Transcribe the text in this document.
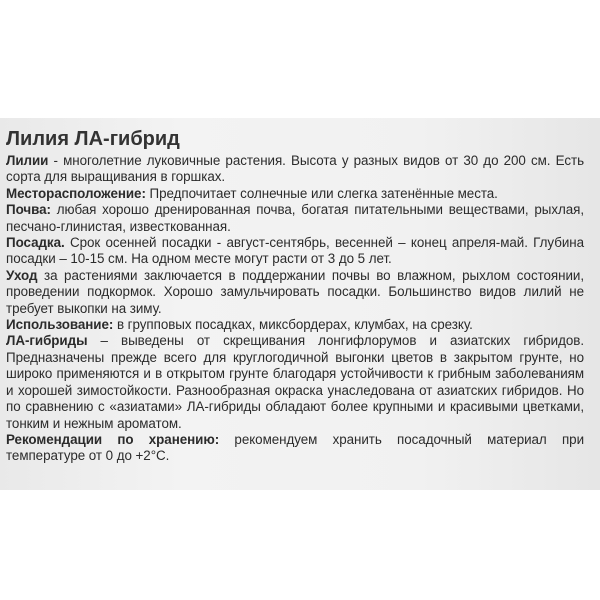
Лилия ЛА-гибрид

Лилии - многолетние луковичные растения. Высота у разных видов от 30 до 200 см. Есть сорта для выращивания в горшках.

Месторасположение: Предпочитает солнечные или слегка затенённые места.

Почва: любая хорошо дренированная почва, богатая питательными веществами, рыхлая, песчано-глинистая, известкованная.

Посадка. Срок осенней посадки - август-сентябрь, весенней – конец апреля-май. Глубина посадки – 10-15 см. На одном месте могут расти от 3 до 5 лет.

Уход за растениями заключается в поддержании почвы во влажном, рыхлом состоянии, проведении подкормок. Хорошо замульчировать посадки. Большинство видов лилий не требует выкопки на зиму.

Использование: в групповых посадках, миксбордерах, клумбах, на срезку.

ЛА-гибриды – выведены от скрещивания лонгифлорумов и азиатских гибридов. Предназначены прежде всего для круглогодичной выгонки цветов в закрытом грунте, но широко применяются и в открытом грунте благодаря устойчивости к грибным заболеваниям и хорошей зимостойкости. Разнообразная окраска унаследована от азиатских гибридов. Но по сравнению с «азиатами» ЛА-гибриды обладают более крупными и красивыми цветками, тонким и нежным ароматом.

Рекомендации по хранению: рекомендуем хранить посадочный материал при температуре от 0 до +2°С.
